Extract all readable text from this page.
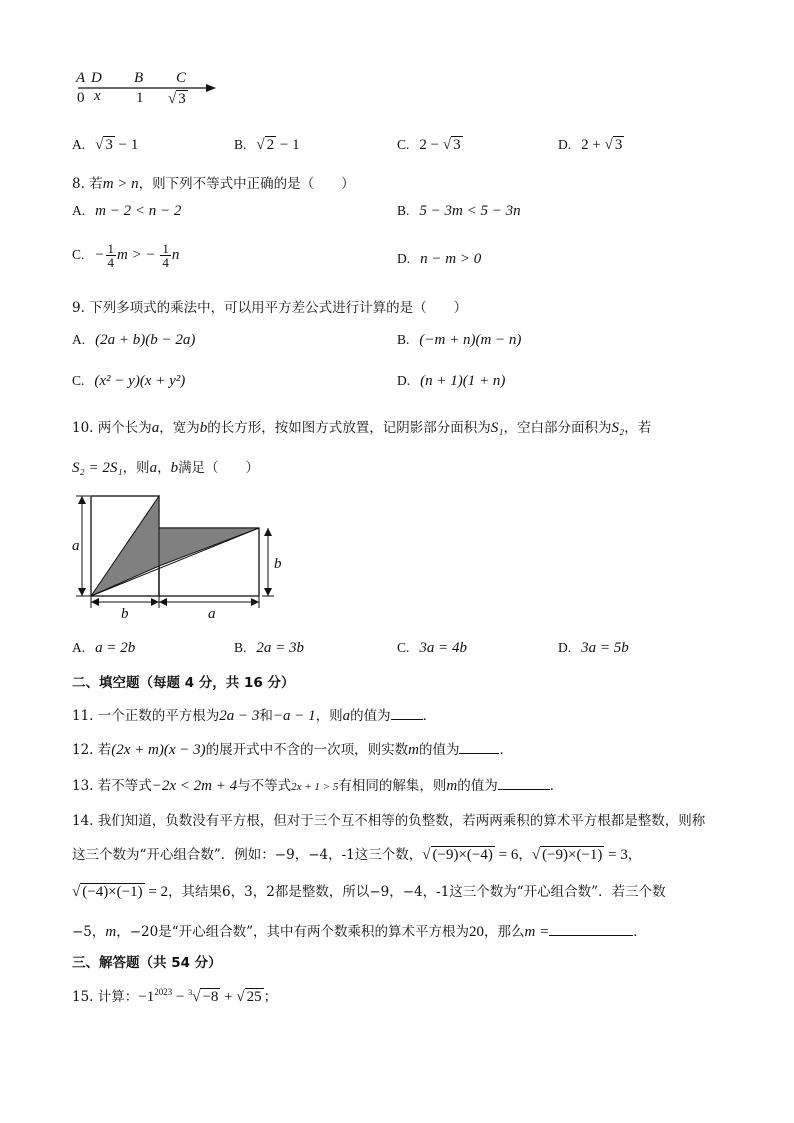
A D B C
0 x 1 √ 3
A. √ 3 − 1	B. √ 2 − 1	C. 2 − √ 3	D. 2 + √ 3
8. 若m > n，则下列不等式中正确的是（　　）
A. m − 2 < n − 2	B. 5 − 3m < 5 − 3n
C. − $\frac{1}{4}$ m > − $\frac{1}{4}$ n	D. n − m > 0
9. 下列多项式的乘法中，可以用平方差公式进行计算的是（　　）
A. (2a + b)(b − 2a)	B. (−m + n)(m − n)
C. (x² − y)(x + y²)	D. (n + 1)(1 + n)
10. 两个长为a，宽为b的长方形，按如图方式放置，记阴影部分面积为S₁，空白部分面积为S₂，若
S₂ = 2S₁，则a，b满足（　　）
a
b
b	a
A. a = 2b	B. 2a = 3b	C. 3a = 4b	D. 3a = 5b
二、填空题（每题 4 分，共 16 分）
11. 一个正数的平方根为2a − 3和−a − 1，则a的值为 ．
12. 若(2x + m)(x − 3)的展开式中不含的一次项，则实数m的值为	．
13. 若不等式−2x < 2m + 4与不等式2x + 1 > 5有相同的解集，则m的值为	．
14. 我们知道，负数没有平方根，但对于三个互不相等的负整数，若两两乘积的算术平方根都是整数，则称
这三个数为“开心组合数”．例如：−9，−4，-1这三个数，√ (−9)×(−4) = 6，√ (−9)×(−1) = 3，
√ (−4)×(−1) = 2，其结果6，3，2都是整数，所以−9，−4，-1这三个数为“开心组合数”．若三个数
−5，m，−20是“开心组合数”，其中有两个数乘积的算术平方根为20，那么m =	．
三、解答题（共 54 分）
15. 计算：$-1^{2023} - ^3√ -8$ + √ 25 ；
